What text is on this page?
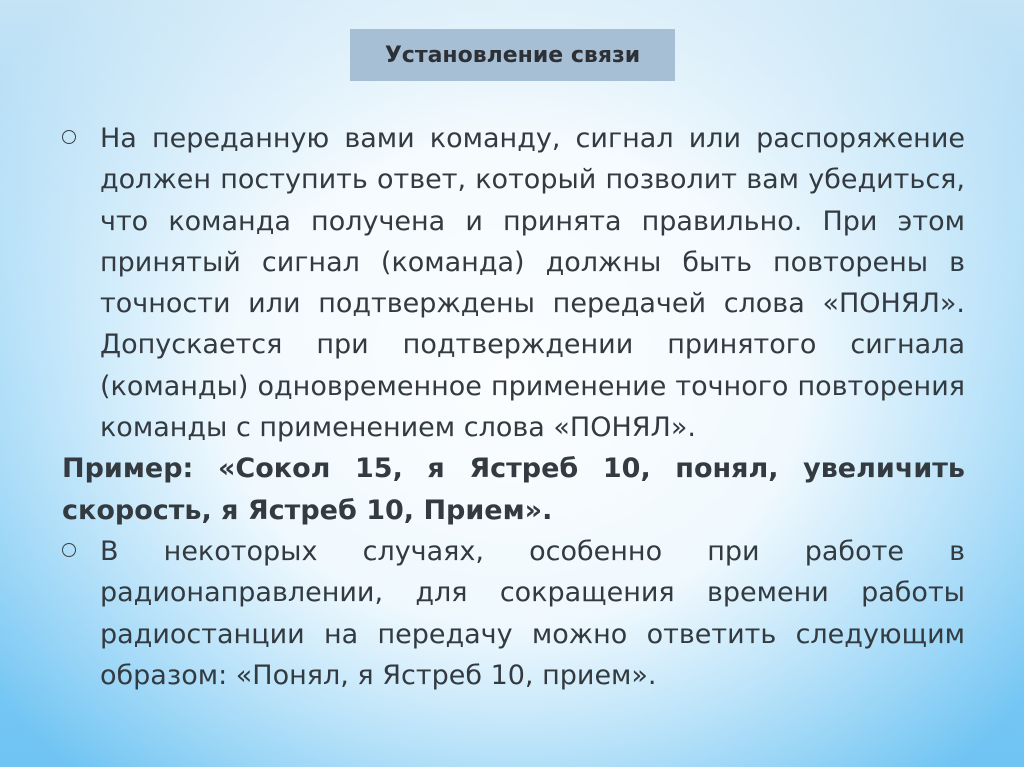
Установление связи
На переданную вами команду, сигнал или распоряжение должен поступить ответ, который позволит вам убедиться, что команда получена и принята правильно. При этом принятый сигнал (команда) должны быть повторены в точности или подтверждены передачей слова «ПОНЯЛ». Допускается при подтверждении принятого сигнала (команды) одновременное применение точного повторения команды с применением слова «ПОНЯЛ».

Пример: «Сокол 15, я Ястреб 10, понял, увеличить скорость, я Ястреб 10, Прием».

В некоторых случаях, особенно при работе в радионаправлении, для сокращения времени работы радиостанции на передачу можно ответить следующим образом: «Понял, я Ястреб 10, прием».
